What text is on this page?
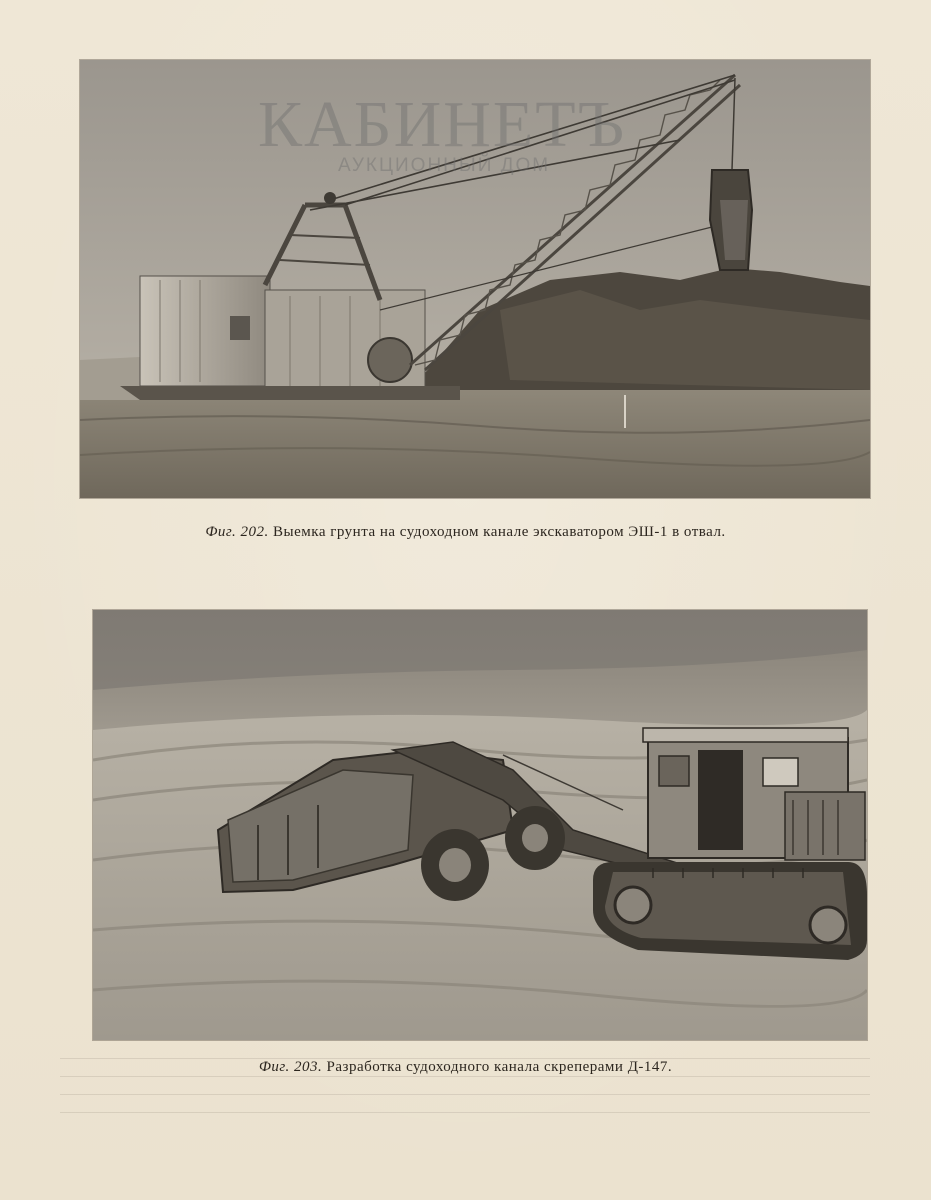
КАБИНЕТЪ
АУКЦИОННЫЙ ДОМ
Фиг. 202. Выемка грунта на судоходном канале экскаватором ЭШ-1 в отвал.
Фиг. 203. Разработка судоходного канала скреперами Д-147.
